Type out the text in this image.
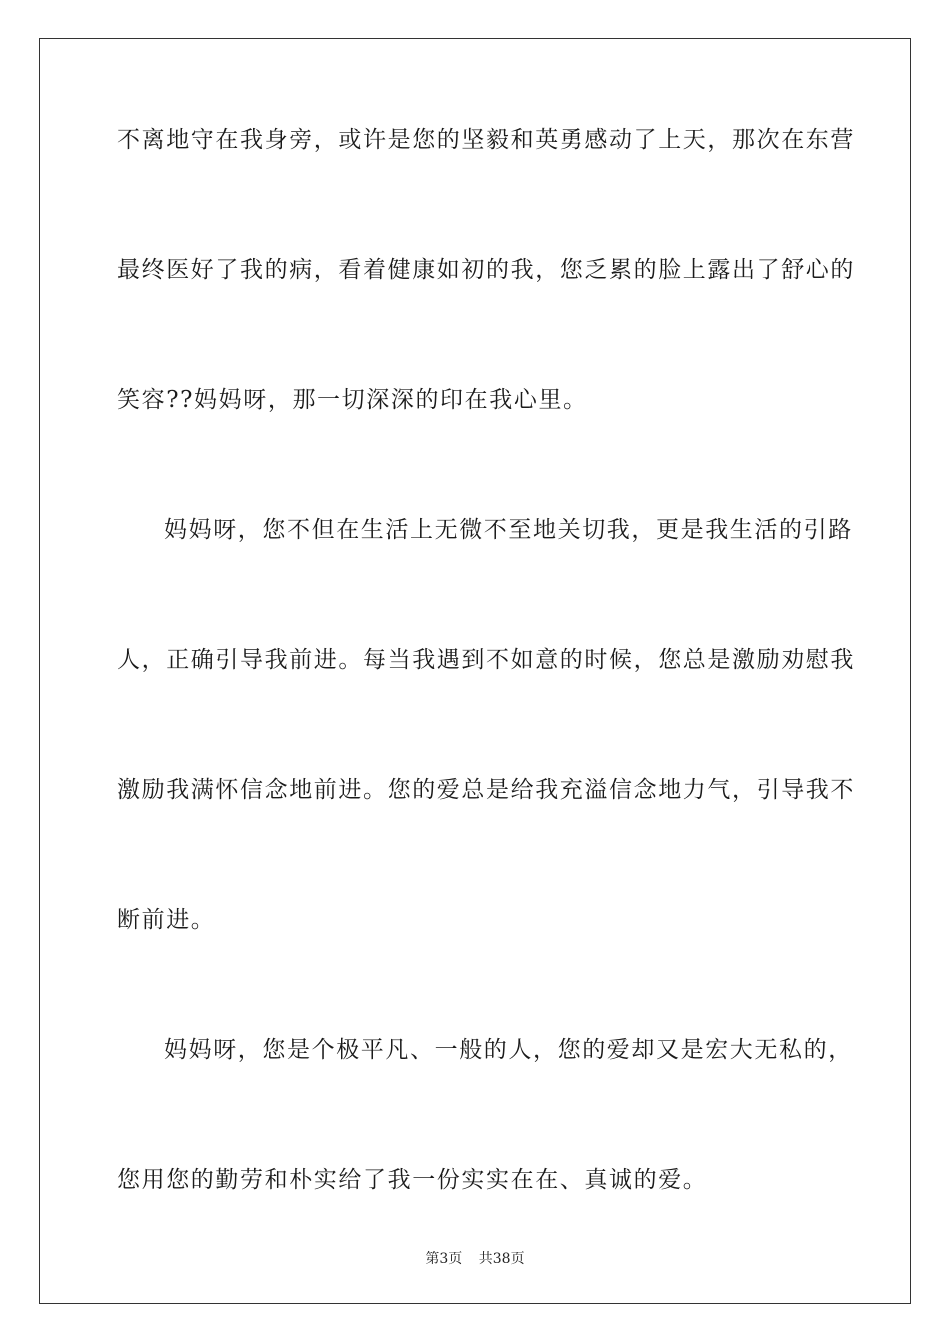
不离地守在我身旁，或许是您的坚毅和英勇感动了上天，那次在东营

最终医好了我的病，看着健康如初的我，您乏累的脸上露出了舒心的

笑容??妈妈呀，那一切深深的印在我心里。

妈妈呀，您不但在生活上无微不至地关切我，更是我生活的引路

人，正确引导我前进。每当我遇到不如意的时候，您总是激励劝慰我

激励我满怀信念地前进。您的爱总是给我充溢信念地力气，引导我不

断前进。

妈妈呀，您是个极平凡、一般的人，您的爱却又是宏大无私的，

您用您的勤劳和朴实给了我一份实实在在、真诚的爱。

第3页 共38页
